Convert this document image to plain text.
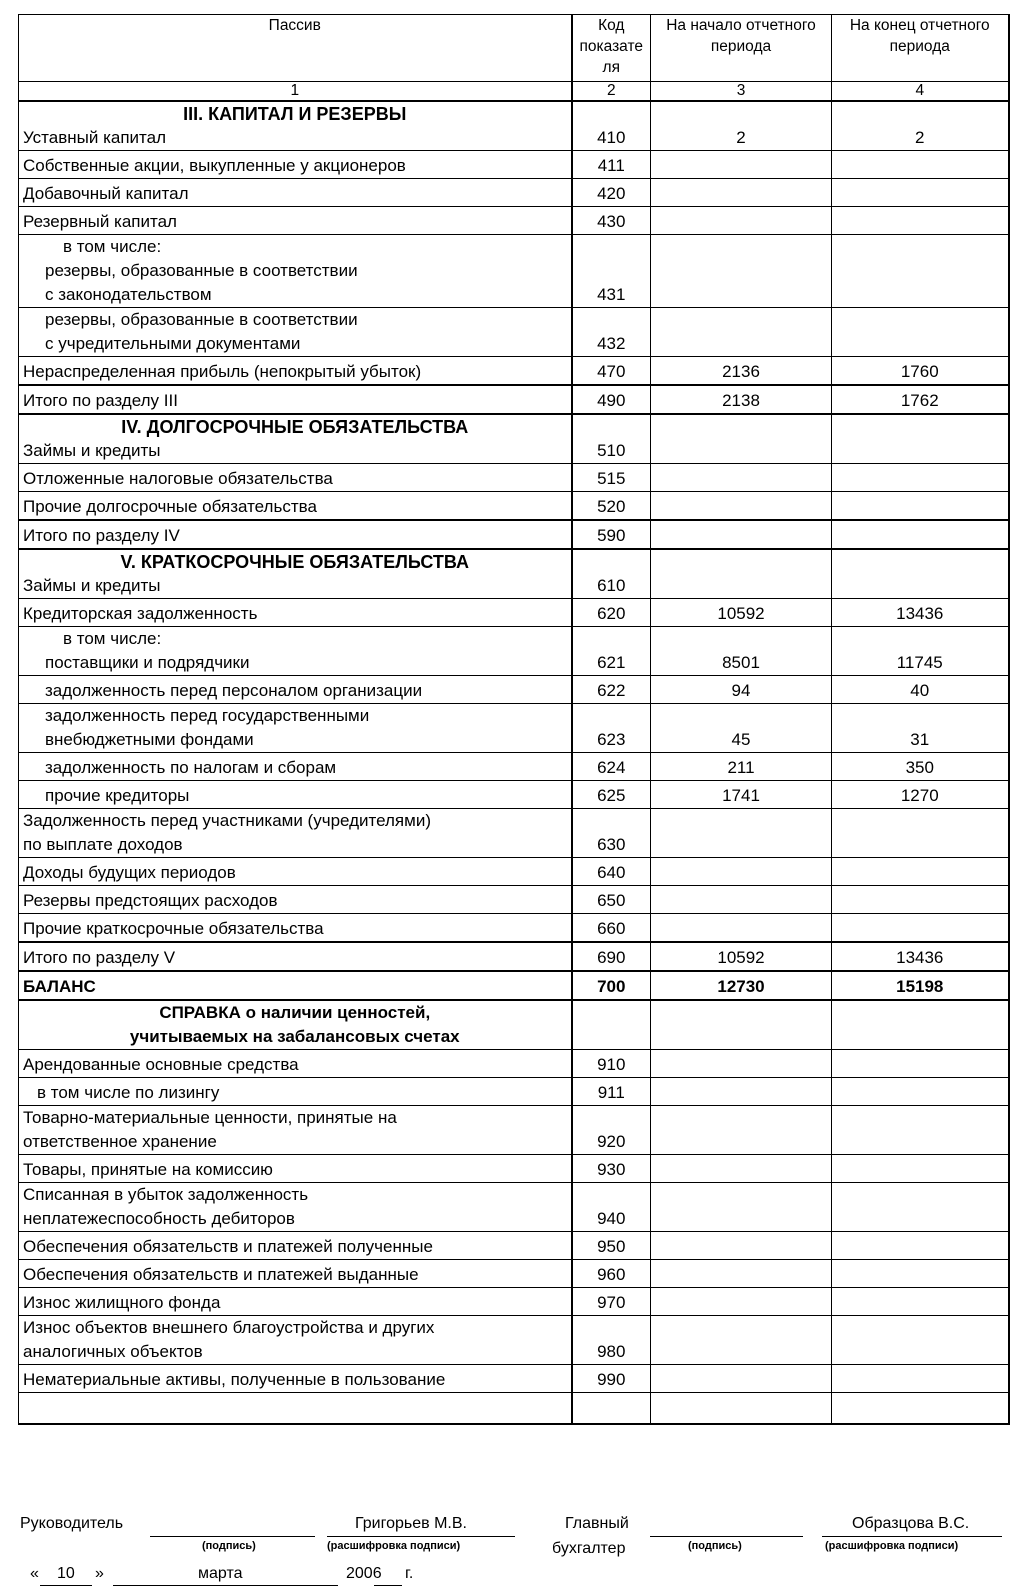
Пассив	Код показате ля	На начало отчетного периода	На конец отчетного периода
1	2	3	4

III. КАПИТАЛ И РЕЗЕРВЫ
Уставный капитал	410	2	2
Собственные акции, выкупленные у акционеров	411		
Добавочный капитал	420		
Резервный капитал	430		

в том числе:
резервы, образованные в соответствии
с законодательством	431		

резервы, образованные в соответствии
с учредительными документами	432		
Нераспределенная прибыль (непокрытый убыток)	470	2136	1760
Итого по разделу III	490	2138	1762

IV. ДОЛГОСРОЧНЫЕ ОБЯЗАТЕЛЬСТВА
Займы и кредиты	510		
Отложенные налоговые обязательства	515		
Прочие долгосрочные обязательства	520		
Итого по разделу IV	590		

V. КРАТКОСРОЧНЫЕ ОБЯЗАТЕЛЬСТВА
Займы и кредиты	610		
Кредиторская задолженность	620	10592	13436

в том числе:
поставщики и подрядчики	621	8501	11745

задолженность перед персоналом организации	622	94	40

задолженность перед государственными
внебюджетными фондами	623	45	31

задолженность по налогам и сборам	624	211	350

прочие кредиторы	625	1741	1270

Задолженность перед участниками (учредителями)
по выплате доходов	630		
Доходы будущих периодов	640		
Резервы предстоящих расходов	650		
Прочие краткосрочные обязательства	660		
Итого по разделу V	690	10592	13436
БАЛАНС	700	12730	15198

СПРАВКА о наличии ценностей,
учитываемых на забалансовых счетах			

Арендованные основные средства	910		
в том числе по лизингу	911		

Товарно-материальные ценности, принятые на
ответственное хранение	920		
Товары, принятые на комиссию	930		

Списанная в убыток задолженность
неплатежеспособность дебиторов	940		
Обеспечения обязательств и платежей полученные	950		
Обеспечения обязательств и платежей выданные	960		
Износ жилищного фонда	970		

Износ объектов внешнего благоустройства и других
аналогичных объектов	980		
Нематериальные активы, полученные в пользование	990		

Руководитель
(подпись)
Григорьев М.В.
(расшифровка подписи)
Главный
бухгалтер	(подпись)
Образцова В.С.
(расшифровка подписи)
« 10 »	марта	2006 г.
